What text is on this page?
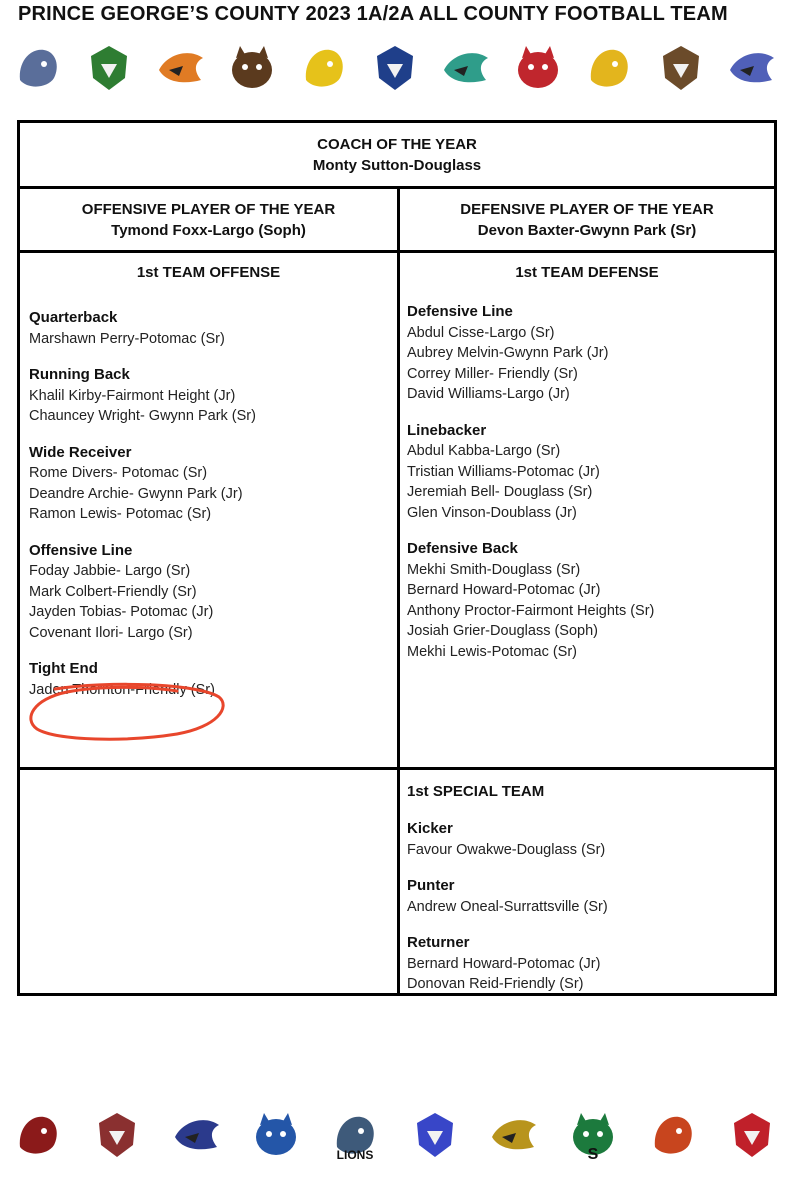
PRINCE GEORGE’S COUNTY 2023 1A/2A ALL COUNTY FOOTBALL TEAM
COACH OF THE YEAR
Monty Sutton-Douglass
OFFENSIVE PLAYER OF THE YEAR
Tymond Foxx-Largo (Soph)
DEFENSIVE PLAYER OF THE YEAR
Devon Baxter-Gwynn Park (Sr)
1st TEAM OFFENSE	1st TEAM DEFENSE
Quarterback
Marshawn Perry-Potomac (Sr)
Running Back
Khalil Kirby-Fairmont Height (Jr)
Chauncey Wright- Gwynn Park (Sr)
Wide Receiver
Rome Divers- Potomac (Sr)
Deandre Archie- Gwynn Park (Jr)
Ramon Lewis- Potomac (Sr)
Offensive Line
Foday Jabbie- Largo (Sr)
Mark Colbert-Friendly (Sr)
Jayden Tobias- Potomac (Jr)
Covenant Ilori- Largo (Sr)
Tight End
Jaden Thornton-Friendly (Sr)
Defensive Line
Abdul Cisse-Largo (Sr)
Aubrey Melvin-Gwynn Park (Jr)
Correy Miller- Friendly (Sr)
David Williams-Largo (Jr)
Linebacker
Abdul Kabba-Largo (Sr)
Tristian Williams-Potomac (Jr)
Jeremiah Bell- Douglass (Sr)
Glen Vinson-Doublass (Jr)
Defensive Back
Mekhi Smith-Douglass (Sr)
Bernard Howard-Potomac (Jr)
Anthony Proctor-Fairmont Heights (Sr)
Josiah Grier-Douglass (Soph)
Mekhi Lewis-Potomac (Sr)
1st SPECIAL TEAM
Kicker
Favour Owakwe-Douglass (Sr)
Punter
Andrew Oneal-Surrattsville (Sr)
Returner
Bernard Howard-Potomac (Jr)
Donovan Reid-Friendly (Sr)
LIONS	S
